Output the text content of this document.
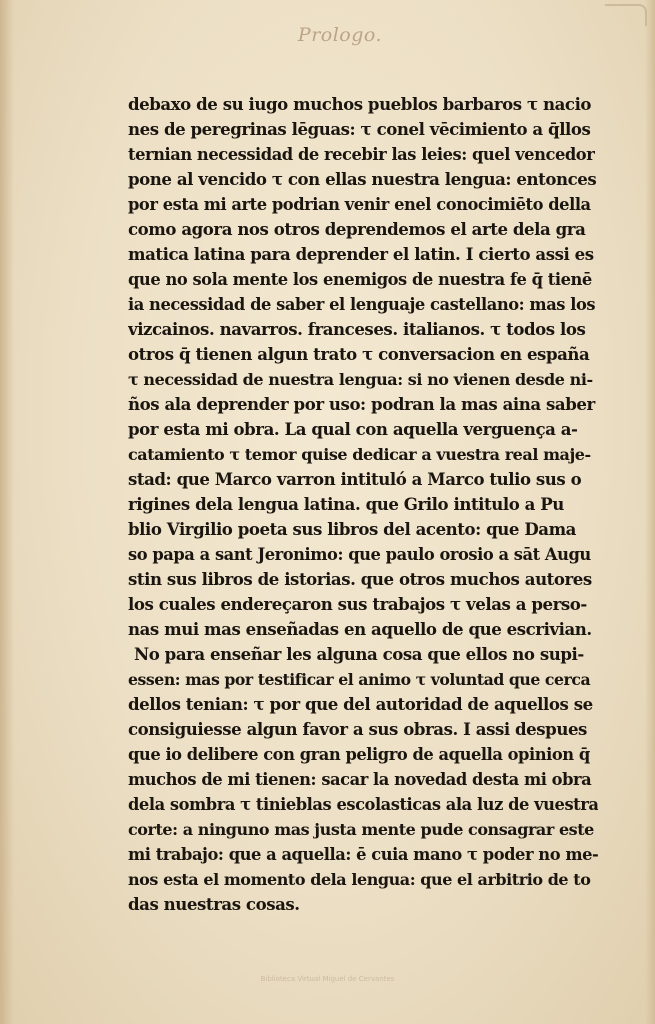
Prologo.
debaxo de su iugo muchos pueblos barbaros τ nacio
nes de peregrinas lēguas: τ conel vēcimiento a q̄llos
ternian necessidad de recebir las leies: quel vencedor
pone al vencido τ con ellas nuestra lengua: entonces
por esta mi arte podrian venir enel conocimiēto della
como agora nos otros deprendemos el arte dela gra
matica latina para deprender el latin. I cierto assi es
que no sola mente los enemigos de nuestra fe q̄ tienē
ia necessidad de saber el lenguaje castellano: mas los
vizcainos. navarros. franceses. italianos. τ todos los
otros q̄ tienen algun trato τ conversacion en españa
τ necessidad de nuestra lengua: si no vienen desde ni-
ños ala deprender por uso: podran la mas aina saber
por esta mi obra. La qual con aquella verguença a-
catamiento τ temor quise dedicar a vuestra real maje-
stad: que Marco varron intituló a Marco tulio sus o
rigines dela lengua latina. que Grilo intitulo a Pu
blio Virgilio poeta sus libros del acento: que Dama
so papa a sant Jeronimo: que paulo orosio a sāt Augu
stin sus libros de istorias. que otros muchos autores
los cuales endereçaron sus trabajos τ velas a perso-
nas mui mas enseñadas en aquello de que escrivian.
No para enseñar les alguna cosa que ellos no supi-
essen: mas por testificar el animo τ voluntad que cerca
dellos tenian: τ por que del autoridad de aquellos se
consiguiesse algun favor a sus obras. I assi despues
que io delibere con gran peligro de aquella opinion q̄
muchos de mi tienen: sacar la novedad desta mi obra
dela sombra τ tinieblas escolasticas ala luz de vuestra
corte: a ninguno mas justa mente pude consagrar este
mi trabajo: que a aquella: ē cuia mano τ poder no me-
nos esta el momento dela lengua: que el arbitrio de to
das nuestras cosas.
Biblioteca Virtual Miguel de Cervantes
